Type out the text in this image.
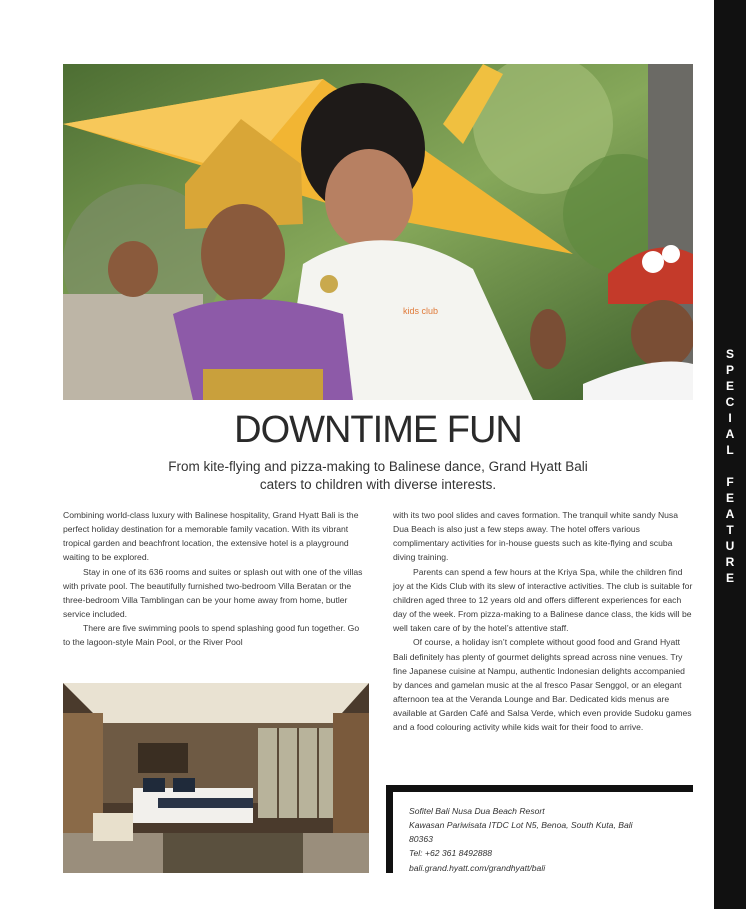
S
P
E
C
I
A
L
F
E
A
T
U
R
E
kids club
DOWNTIME FUN
From kite-flying and pizza-making to Balinese dance, Grand Hyatt Bali caters to children with diverse interests.

Combining world-class luxury with Balinese hospitality, Grand Hyatt Bali is the perfect holiday destination for a memorable family vacation. With its vibrant tropical garden and beachfront location, the extensive hotel is a playground waiting to be explored.

Stay in one of its 636 rooms and suites or splash out with one of the villas with private pool. The beautifully furnished two-bedroom Villa Beratan or the three-bedroom Villa Tamblingan can be your home away from home, butler service included.

There are five swimming pools to spend splashing good fun together. Go to the lagoon-style Main Pool, or the River Pool

with its two pool slides and caves formation. The tranquil white sandy Nusa Dua Beach is also just a few steps away. The hotel offers various complimentary activities for in-house guests such as kite-flying and scuba diving training.

Parents can spend a few hours at the Kriya Spa, while the children find joy at the Kids Club with its slew of interactive activities. The club is suitable for children aged three to 12 years old and offers different experiences for each day of the week. From pizza-making to a Balinese dance class, the kids will be well taken care of by the hotel’s attentive staff.

Of course, a holiday isn’t complete without good food and Grand Hyatt Bali definitely has plenty of gourmet delights spread across nine venues. Try fine Japanese cuisine at Nampu, authentic Indonesian delights accompanied by dances and gamelan music at the al fresco Pasar Senggol, or an elegant afternoon tea at the Veranda Lounge and Bar. Dedicated kids menus are available at Garden Café and Salsa Verde, which even provide Sudoku games and a food colouring activity while kids wait for their food to arrive.

Sofitel Bali Nusa Dua Beach Resort
Kawasan Pariwisata ITDC Lot N5, Benoa, South Kuta, Bali
80363
Tel: +62 361 8492888
bali.grand.hyatt.com/grandhyatt/bali
